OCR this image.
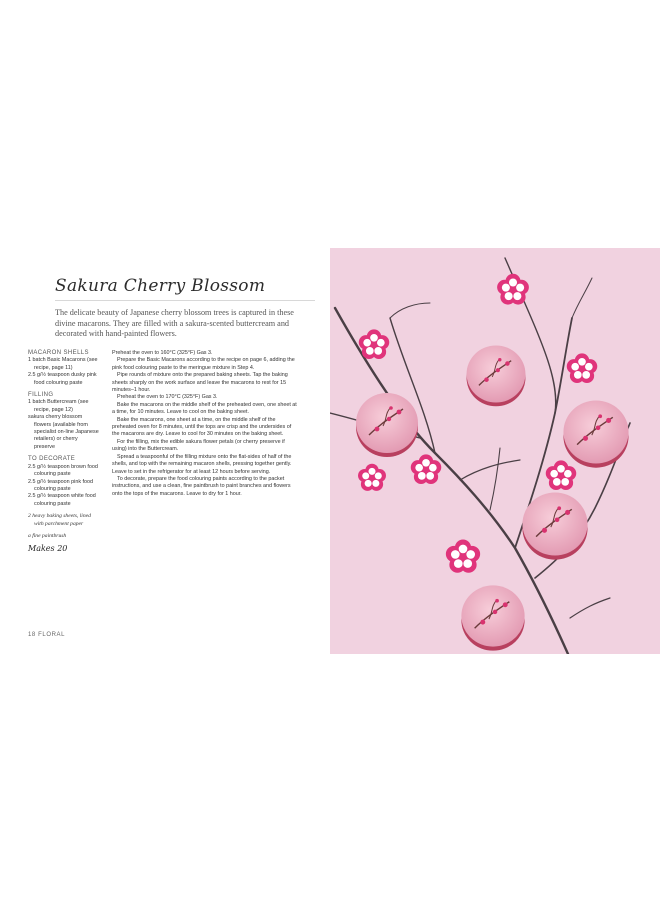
Sakura Cherry Blossom
The delicate beauty of Japanese cherry blossom trees is captured in these divine macarons. They are filled with a sakura-scented buttercream and decorated with hand-painted flowers.
MACARON SHELLS
1 batch Basic Macarons (see recipe, page 11)
2.5 g/½ teaspoon dusky pink food colouring paste
FILLING
1 batch Buttercream (see recipe, page 12)
sakura cherry blossom flowers (available from specialist on-line Japanese retailers) or cherry preserve
TO DECORATE
2.5 g/½ teaspoon brown food colouring paste
2.5 g/½ teaspoon pink food colouring paste
2.5 g/½ teaspoon white food colouring paste
2 heavy baking sheets, lined with parchment paper
a fine paintbrush
Makes 20

Preheat the oven to 160°C (325°F) Gas 3.

Prepare the Basic Macarons according to the recipe on page 6, adding the pink food colouring paste to the meringue mixture in Step 4.

Pipe rounds of mixture onto the prepared baking sheets. Tap the baking sheets sharply on the work surface and leave the macarons to rest for 15 minutes–1 hour.

Preheat the oven to 170°C (325°F) Gas 3.

Bake the macarons on the middle shelf of the preheated oven, one sheet at a time, for 10 minutes. Leave to cool on the baking sheet.

Bake the macarons, one sheet at a time, on the middle shelf of the preheated oven for 8 minutes, until the tops are crisp and the undersides of the macarons are dry. Leave to cool for 30 minutes on the baking sheet.

For the filling, mix the edible sakura flower petals (or cherry preserve if using) into the Buttercream.

Spread a teaspoonful of the filling mixture onto the flat-sides of half of the shells, and top with the remaining macaron shells, pressing together gently. Leave to set in the refrigerator for at least 12 hours before serving.

To decorate, prepare the food colouring paints according to the packet instructions, and use a clean, fine paintbrush to paint branches and flowers onto the tops of the macarons. Leave to dry for 1 hour.

18 FLORAL
